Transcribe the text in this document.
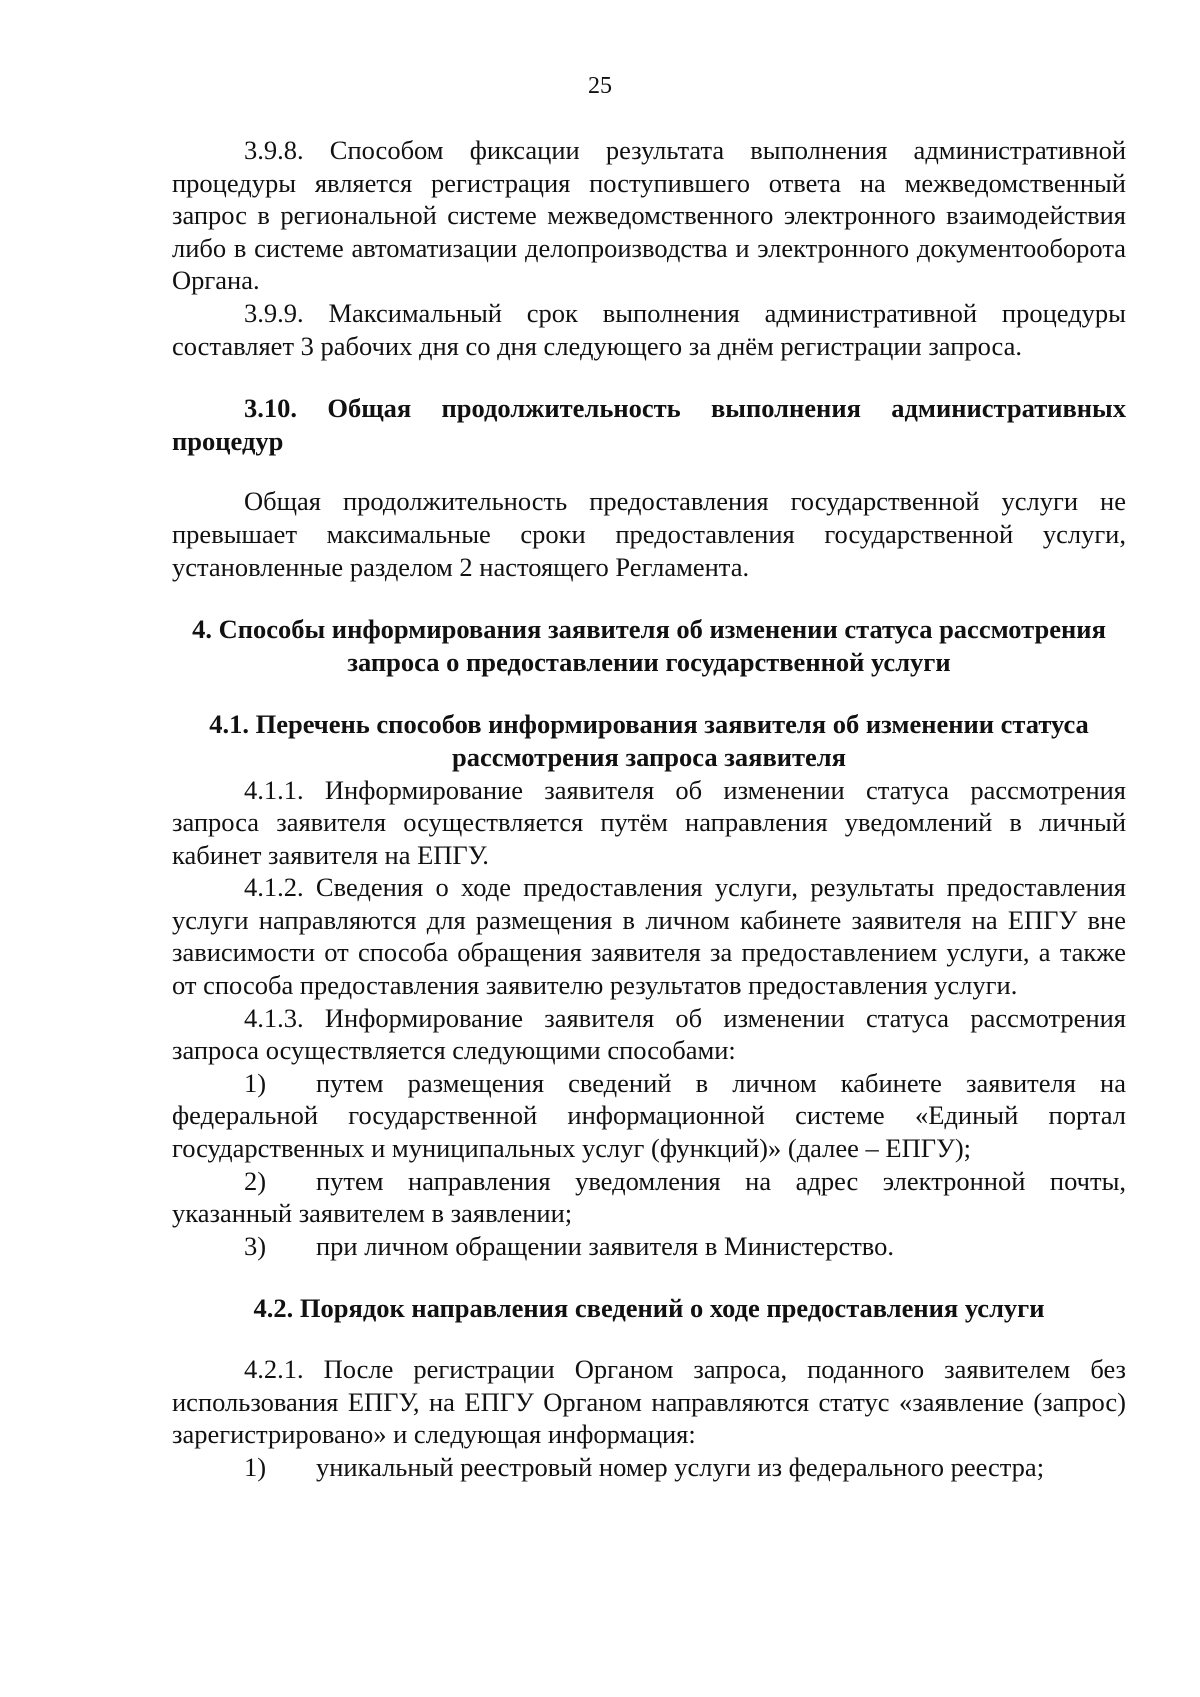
25

3.9.8. Способом фиксации результата выполнения административной процедуры является регистрация поступившего ответа на межведомственный запрос в региональной системе межведомственного электронного взаимодействия либо в системе автоматизации делопроизводства и электронного документооборота Органа.

3.9.9. Максимальный срок выполнения административной процедуры составляет 3 рабочих дня со дня следующего за днём регистрации запроса.

3.10. Общая продолжительность выполнения административных процедур

Общая продолжительность предоставления государственной услуги не превышает максимальные сроки предоставления государственной услуги, установленные разделом 2 настоящего Регламента.

4. Способы информирования заявителя об изменении статуса рассмотрения запроса о предоставлении государственной услуги
4.1. Перечень способов информирования заявителя об изменении статуса рассмотрения запроса заявителя

4.1.1. Информирование заявителя об изменении статуса рассмотрения запроса заявителя осуществляется путём направления уведомлений в личный кабинет заявителя на ЕПГУ.

4.1.2. Сведения о ходе предоставления услуги, результаты предоставления услуги направляются для размещения в личном кабинете заявителя на ЕПГУ вне зависимости от способа обращения заявителя за предоставлением услуги, а также от способа предоставления заявителю результатов предоставления услуги.

4.1.3. Информирование заявителя об изменении статуса рассмотрения запроса осуществляется следующими способами:

1) путем размещения сведений в личном кабинете заявителя на федеральной государственной информационной системе «Единый портал государственных и муниципальных услуг (функций)» (далее – ЕПГУ);

2) путем направления уведомления на адрес электронной почты, указанный заявителем в заявлении;

3) при личном обращении заявителя в Министерство.

4.2. Порядок направления сведений о ходе предоставления услуги

4.2.1. После регистрации Органом запроса, поданного заявителем без использования ЕПГУ, на ЕПГУ Органом направляются статус «заявление (запрос) зарегистрировано» и следующая информация:

1) уникальный реестровый номер услуги из федерального реестра;
